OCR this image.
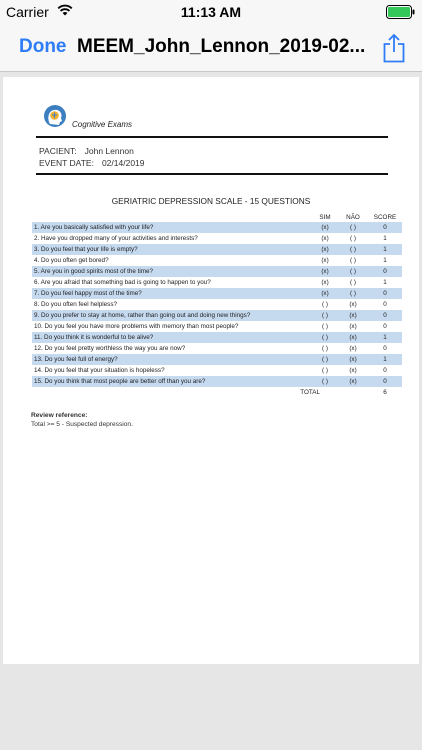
Carrier	11:13 AM
Done MEEM_John_Lennon_2019-02...
Cognitive Exams
PACIENT: John Lennon
EVENT DATE: 02/14/2019
GERIATRIC DEPRESSION SCALE - 15 QUESTIONS
	SIM	NÃO	SCORE
1. Are you basically satisfied with your life?	(x)	( )	0
2. Have you dropped many of your activities and interests?	(x)	( )	1
3. Do you feel that your life is empty?	(x)	( )	1
4. Do you often get bored?	(x)	( )	1
5. Are you in good spirits most of the time?	(x)	( )	0
6. Are you afraid that something bad is going to happen to you?	(x)	( )	1
7. Do you feel happy most of the time?	(x)	( )	0
8. Do you often feel helpless?	( )	(x)	0
9. Do you prefer to stay at home, rather than going out and doing new things?	( )	(x)	0
10. Do you feel you have more problems with memory than most people?	( )	(x)	0
11. Do you think it is wonderful to be alive?	( )	(x)	1
12. Do you feel pretty worthless the way you are now?	( )	(x)	0
13. Do you feel full of energy?	( )	(x)	1
14. Do you feel that your situation is hopeless?	( )	(x)	0
15. Do you think that most people are better off than you are?	( )	(x)	0
TOTAL			6
Review reference:
Total >= 5 - Suspected depression.
